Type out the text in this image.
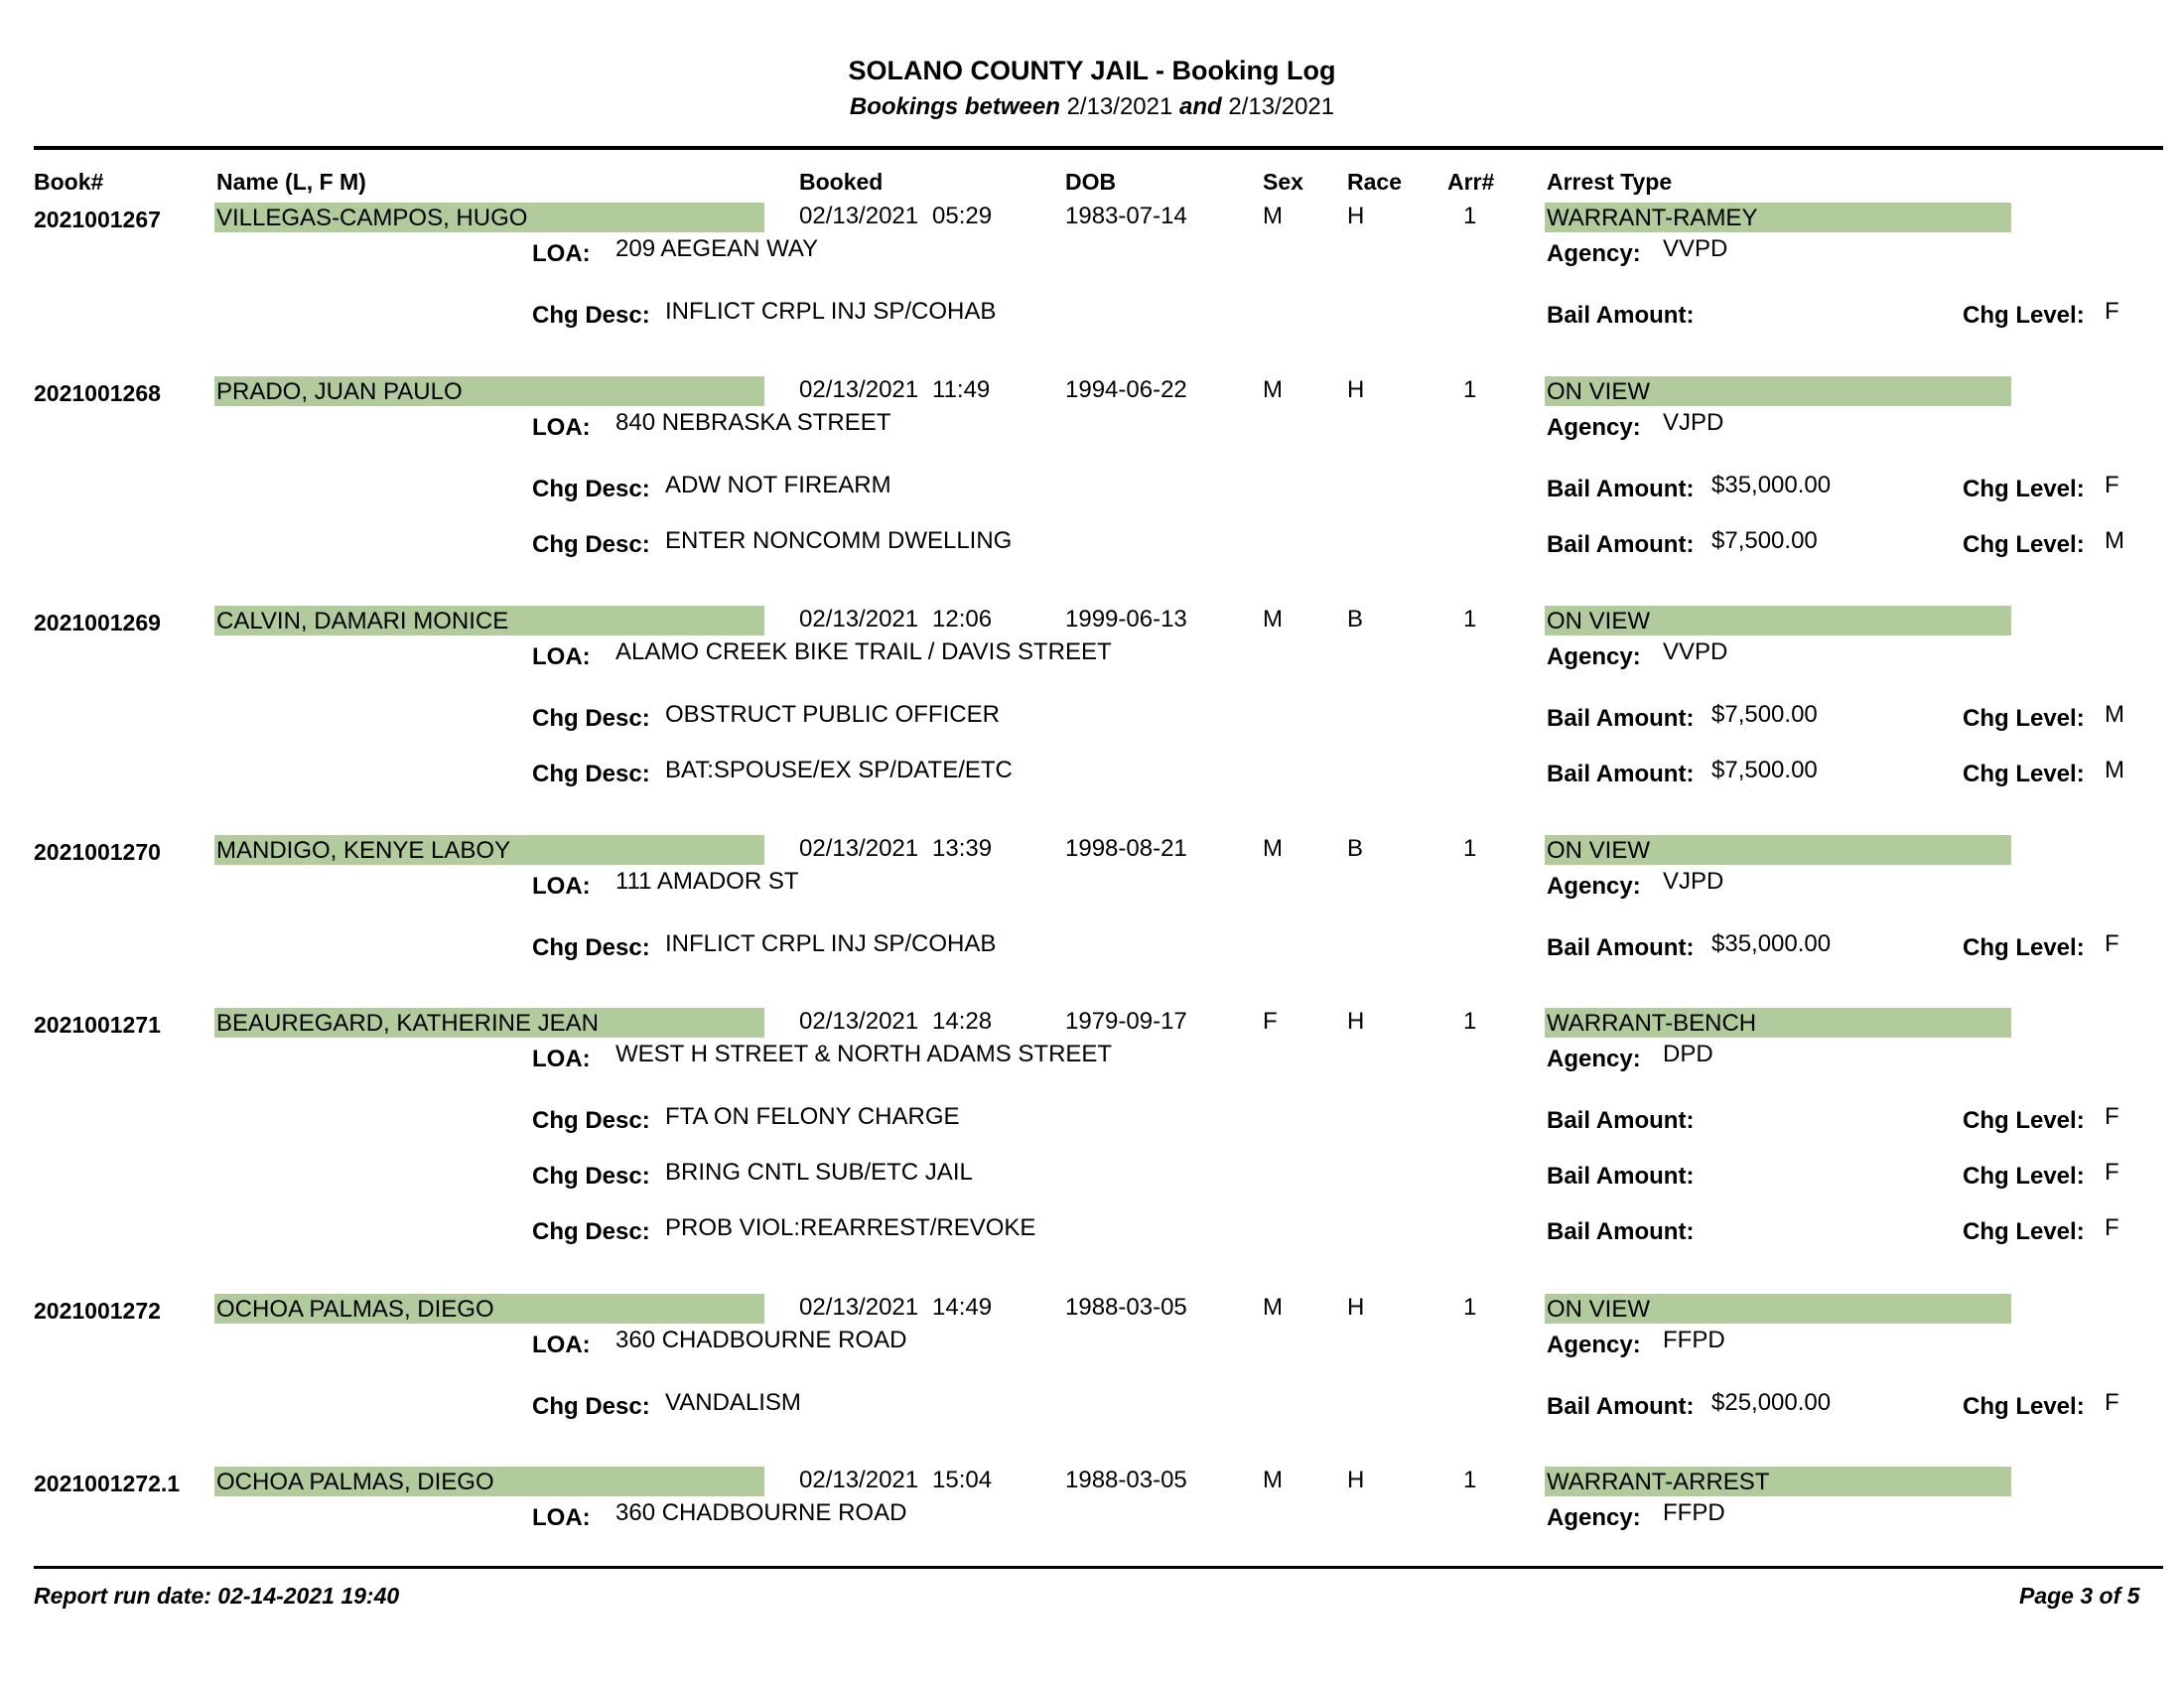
SOLANO COUNTY JAIL - Booking Log
Bookings between 2/13/2021 and 2/13/2021
Book#	Name (L, F M)	Booked	DOB	Sex Race Arr# Arrest Type
2021001267 VILLEGAS-CAMPOS, HUGO	02/13/2021 05:29	1983-07-14	M	H	1	WARRANT-RAMEY
LOA: 209 AEGEAN WAY	Agency: VVPD
Chg Desc: INFLICT CRPL INJ SP/COHAB	Bail Amount:	Chg Level: F
2021001268 PRADO, JUAN PAULO	02/13/2021 11:49	1994-06-22	M	H	1	ON VIEW
LOA: 840 NEBRASKA STREET	Agency: VJPD
Chg Desc: ADW NOT FIREARM	Bail Amount: $35,000.00	Chg Level: F
Chg Desc: ENTER NONCOMM DWELLING	Bail Amount: $7,500.00	Chg Level: M
2021001269 CALVIN, DAMARI MONICE	02/13/2021 12:06	1999-06-13	M	B	1	ON VIEW
LOA: ALAMO CREEK BIKE TRAIL / DAVIS STREET	Agency: VVPD
Chg Desc: OBSTRUCT PUBLIC OFFICER	Bail Amount: $7,500.00	Chg Level: M
Chg Desc: BAT:SPOUSE/EX SP/DATE/ETC	Bail Amount: $7,500.00	Chg Level: M
2021001270 MANDIGO, KENYE LABOY	02/13/2021 13:39	1998-08-21	M	B	1	ON VIEW
LOA: 111 AMADOR ST	Agency: VJPD
Chg Desc: INFLICT CRPL INJ SP/COHAB	Bail Amount: $35,000.00	Chg Level: F
2021001271 BEAUREGARD, KATHERINE JEAN	02/13/2021 14:28	1979-09-17	F	H	1	WARRANT-BENCH
LOA: WEST H STREET & NORTH ADAMS STREET	Agency: DPD
Chg Desc: FTA ON FELONY CHARGE	Bail Amount:	Chg Level: F
Chg Desc: BRING CNTL SUB/ETC JAIL	Bail Amount:	Chg Level: F
Chg Desc: PROB VIOL:REARREST/REVOKE	Bail Amount:	Chg Level: F
2021001272 OCHOA PALMAS, DIEGO	02/13/2021 14:49	1988-03-05	M	H	1	ON VIEW
LOA: 360 CHADBOURNE ROAD	Agency: FFPD
Chg Desc: VANDALISM	Bail Amount: $25,000.00	Chg Level: F
2021001272.1 OCHOA PALMAS, DIEGO	02/13/2021 15:04	1988-03-05	M	H	1	WARRANT-ARREST
LOA: 360 CHADBOURNE ROAD	Agency: FFPD
Report run date: 02-14-2021 19:40	Page 3 of 5
